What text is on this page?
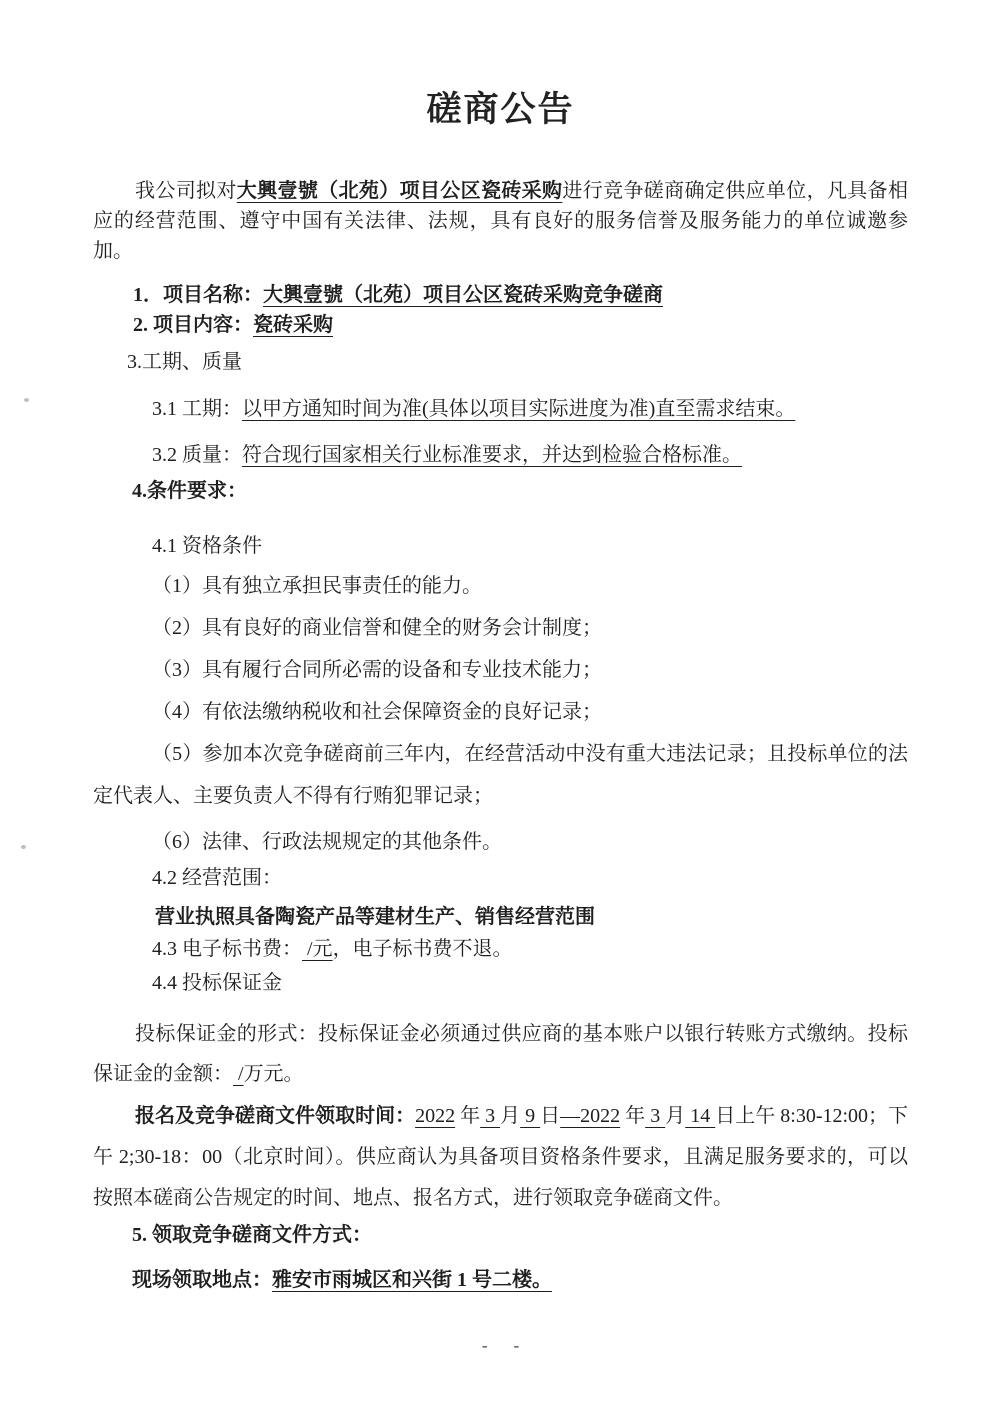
磋商公告

我公司拟对大興壹號（北苑）项目公区瓷砖采购进行竞争磋商确定供应单位，凡具备相应的经营范围、遵守中国有关法律、法规，具有良好的服务信誉及服务能力的单位诚邀参加。

1．项目名称：大興壹號（北苑）项目公区瓷砖采购竞争磋商

2. 项目内容：瓷砖采购

3.工期、质量

3.1 工期：以甲方通知时间为准(具体以项目实际进度为准)直至需求结束。

3.2 质量：符合现行国家相关行业标准要求，并达到检验合格标准。

4.条件要求：

4.1 资格条件

（1）具有独立承担民事责任的能力。

（2）具有良好的商业信誉和健全的财务会计制度；

（3）具有履行合同所必需的设备和专业技术能力；

（4）有依法缴纳税收和社会保障资金的良好记录；

（5）参加本次竞争磋商前三年内，在经营活动中没有重大违法记录；且投标单位的法定代表人、主要负责人不得有行贿犯罪记录；

（6）法律、行政法规规定的其他条件。

4.2 经营范围：

营业执照具备陶瓷产品等建材生产、销售经营范围

4.3 电子标书费： /元，电子标书费不退。

4.4 投标保证金

投标保证金的形式：投标保证金必须通过供应商的基本账户以银行转账方式缴纳。投标保证金的金额： /万元。

报名及竞争磋商文件领取时间：2022 年 3 月 9 日—2022 年 3 月 14 日上午 8:30-12:00；下午 2;30-18：00（北京时间）。供应商认为具备项目资格条件要求，且满足服务要求的，可以按照本磋商公告规定的时间、地点、报名方式，进行领取竞争磋商文件。

5. 领取竞争磋商文件方式：

现场领取地点：雅安市雨城区和兴街 1 号二楼。

- -
